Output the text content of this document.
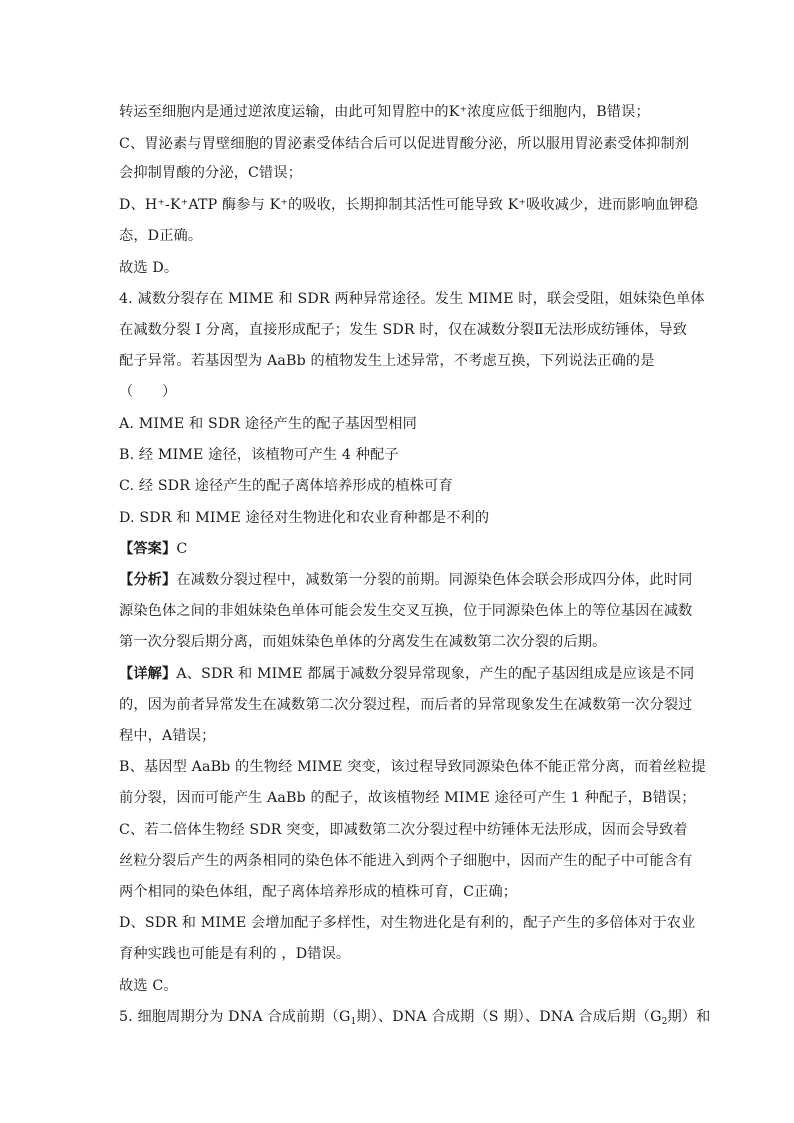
转运至细胞内是通过逆浓度运输，由此可知胃腔中的K⁺浓度应低于细胞内，B错误；
C、胃泌素与胃壁细胞的胃泌素受体结合后可以促进胃酸分泌，所以服用胃泌素受体抑制剂
会抑制胃酸的分泌，C错误；
D、H⁺-K⁺ATP 酶参与 K⁺的吸收，长期抑制其活性可能导致 K⁺吸收减少，进而影响血钾稳
态，D正确。
故选 D。
4. 减数分裂存在 MIME 和 SDR 两种异常途径。发生 MIME 时，联会受阻，姐妹染色单体
在减数分裂 I 分离，直接形成配子；发生 SDR 时，仅在减数分裂Ⅱ无法形成纺锤体，导致
配子异常。若基因型为 AaBb 的植物发生上述异常，不考虑互换，下列说法正确的是
（　　）
A. MIME 和 SDR 途径产生的配子基因型相同
B. 经 MIME 途径，该植物可产生 4 种配子
C. 经 SDR 途径产生的配子离体培养形成的植株可育
D. SDR 和 MIME 途径对生物进化和农业育种都是不利的
【答案】C
【分析】在减数分裂过程中，减数第一分裂的前期。同源染色体会联会形成四分体，此时同
源染色体之间的非姐妹染色单体可能会发生交叉互换，位于同源染色体上的等位基因在减数
第一次分裂后期分离，而姐妹染色单体的分离发生在减数第二次分裂的后期。
【详解】A、SDR 和 MIME 都属于减数分裂异常现象，产生的配子基因组成是应该是不同
的，因为前者异常发生在减数第二次分裂过程，而后者的异常现象发生在减数第一次分裂过
程中，A错误；
B、基因型 AaBb 的生物经 MIME 突变，该过程导致同源染色体不能正常分离，而着丝粒提
前分裂，因而可能产生 AaBb 的配子，故该植物经 MIME 途径可产生 1 种配子，B错误；
C、若二倍体生物经 SDR 突变，即减数第二次分裂过程中纺锤体无法形成，因而会导致着
丝粒分裂后产生的两条相同的染色体不能进入到两个子细胞中，因而产生的配子中可能含有
两个相同的染色体组，配子离体培养形成的植株可育，C正确；
D、SDR 和 MIME 会增加配子多样性，对生物进化是有利的，配子产生的多倍体对于农业
育种实践也可能是有利的 ，D错误。
故选 C。
5. 细胞周期分为 DNA 合成前期（$G_1$期）、DNA 合成期（S 期）、DNA 合成后期（$G_2$期）和
